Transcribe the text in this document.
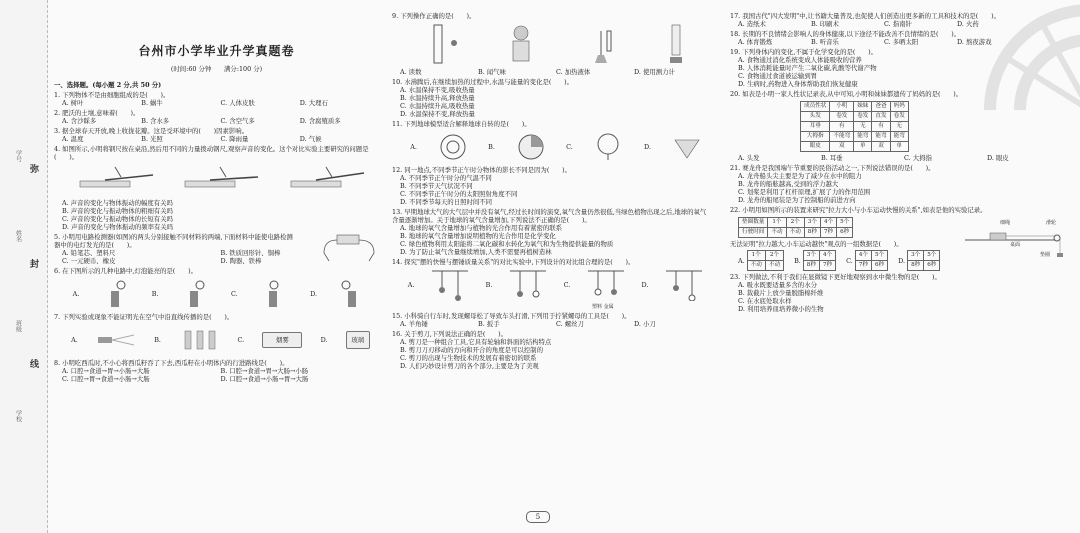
学号
姓名
班级
学校
弥
封
线
台州市小学毕业升学真题卷
(时间:60 分钟　　满分:100 分)
一、选择题。(每小题 2 分,共 50 分)
1. 下列物体不是由细胞组成的是(　　)。
A. 树叶	B. 蜗牛	C. 人体皮肤	D. 大理石
2. 肥沃的土壤,意味着(　　)。
A. 含沙睬多	B. 含水多	C. 含空气多	D. 含腐殖质多
3. 据全球春天开放,晚上收拢花瓣。这是受环境中的(　　)因素影响。
A. 温度	B. 光照	C. 降雨量	D. 气候
4. 如图所示,小明将钢尺按在桌沿,然后用不同的力量拨动钢尺,观察声音的变化。这个对比实验主要研究的问题是(　　)。
A. 声音的变化与物体振动的幅度有关吗
B. 声音的变化与振动物体的粗细有关吗
C. 声音的变化与振动物体的长短有关吗
D. 声音的变化与物体振动的频率有关吗
5. 小明用电路检测器(如图)的两头分别接触不同材料的两端,下面材料中能使电路检测器中的电灯发光的是(　　)。
A. 铅笔芯、塑料尺	B. 铁质回形针、铜棒
C. 一元硬币、橡皮	D. 陶器、铁棒
6. 在下图所示的几种电路中,灯泡能亮的是(　　)。
A.	B.	C.	D.
7. 下列实验或现象不能证明光在空气中沿直线传播的是(　　)。
A.	B.	C.	烟雾	D.	玻璃
8. 小明吃西瓜时,不小心将西瓜籽吞了下去,西瓜籽在小明体内的行进路线是(　　)。
A. 口腔→食道→胃→小肠→大肠	B. 口腔→食道→胃→大肠→小肠
C. 口腔→胃→食道→小肠→大肠	D. 口腔→食道→小肠→胃→大肠
9. 下列操作正确的是(　　)。
A. 读数	B. 闻气味	C. 加热液体	D. 使用测力计
10. 水沸腾后,在继续加热的过程中,水温与能量的变化是(　　)。
A. 水温保持不变,吸收热量
B. 水温持续升高,释放热量
C. 水温持续升高,吸收热量
D. 水温保持不变,释放热量
11. 下列地球模型适合解释地球自转的是(　　)。
A.	B.	C.	D.
12. 同一地点,不同季节正午时分物体的影长不同是因为(　　)。
A. 不同季节正午时分的气温不同
B. 不同季节天气状况不同
C. 不同季节正午时分的太阳照射角度不同
D. 不同季节每天的日照时间不同
13. 早期地球大气的大气层中并没有氧气,经过长时间的演变,氧气含量仍然很低,当绿色植物出现之后,地球的氧气含量逐渐增加。关于地球的氧气含量增加,下列说法不正确的是(　　)。
A. 地球的氧气含量增加与植物的光合作用有着紧密的联系
B. 地球的氧气含量增加说明植物的光合作用是化学变化
C. 绿色植物利用太阳能将二氧化碳和水转化为氧气和为生物提供能量的物质
D. 为了防止氧气含量继续增加,人类不需要再植树造林
14. 探究"摆的快慢与摆锤质量关系"的对比实验中,下列设计的对比组合理的是(　　)。
A.	B.	C.	D.
塑料 金属
15. 小科骑自行车时,发现螺母松了导致车头打滑,下列用于拧紧螺母的工具是(　　)。
A. 羊角锤	B. 扳手	C. 螺丝刀	D. 小刀
16. 关于剪刀,下列说法正确的是(　　)。
A. 剪刀是一种组合工具,它具有轮轴和斜面的结构特点
B. 剪刀刀刃移动的方向和开合的角度是可以控制的
C. 剪刀的出现与生物技术的发展有着密切的联系
D. 人们巧妙设计剪刀的各个部分,主要是为了美观
17. 我国古代"四大发明"中,让书籍大量普及,也促使人们创造出更多新的工具和技术的是(　　)。
A. 造纸术	B. 印刷术	C. 指南针	D. 火药
18. 长期的不良情绪会影响人的身体健康,以下途径不能改善不良情绪的是(　　)。
A. 体育锻炼	B. 听音乐	C. 多晒太阳	D. 熬夜游戏
19. 下列身体内的变化,不属于化学变化的是(　　)。
A. 食物通过消化系统变成人体能吸收的营养
B. 人体消耗能量时产生二氧化碳,乳酸等代谢产物
C. 食物通过食道被运输到胃
D. 生病时,药物进入身体帮助我们恢复健康
20. 如表是小明一家人性状记录表,从中可知,小明和妹妹都遗传了妈妈的是(　　)。
成员性状	小明	妹妹	爸爸	妈妈
头发	卷发	卷发	直发	卷发
耳垂	有	无	有	无
大拇指	不能弯	能弯	能弯	能弯
眼皮	双	单	双	单
A. 头发	B. 耳垂	C. 大拇指	D. 眼皮
21. 赛龙舟是我国端午节重要的民俗活动之一,下列说法错误的是(　　)。
A. 龙舟船头尖主要是为了减少在水中的阻力
B. 龙舟的船舷越高,受到的浮力越大
C. 划桨是利用了杠杆原理,扩展了力的作用范围
D. 龙舟的船尾装是为了控制船的前进方向
22. 小明用如图所示的装置来研究"拉力大小与小车运动快慢的关系",如表是他的实验记录。
垫圈数量	1个	2个	3个	4个	5个
行驶时间	不动	不动	8秒	7秒	6秒
细绳	滑轮
桌面
垫圈
无法证明"拉力越大,小车运动越快"观点的一组数据是(　　)。
A.
1个	2个
不动	不动
B.
3个	4个
8秒	7秒
C.
4个	5个
7秒	6秒
D.
3个	5个
8秒	6秒
23. 下列做法,不利于我们在显微镜下更好地观察到水中微生物的是(　　)。
A. 吸水既要适量多含的水分
B. 裁截片上放少量脱脂棉纤维
C. 在水底处取水样
D. 利用培养皿培养微小的生物
5
